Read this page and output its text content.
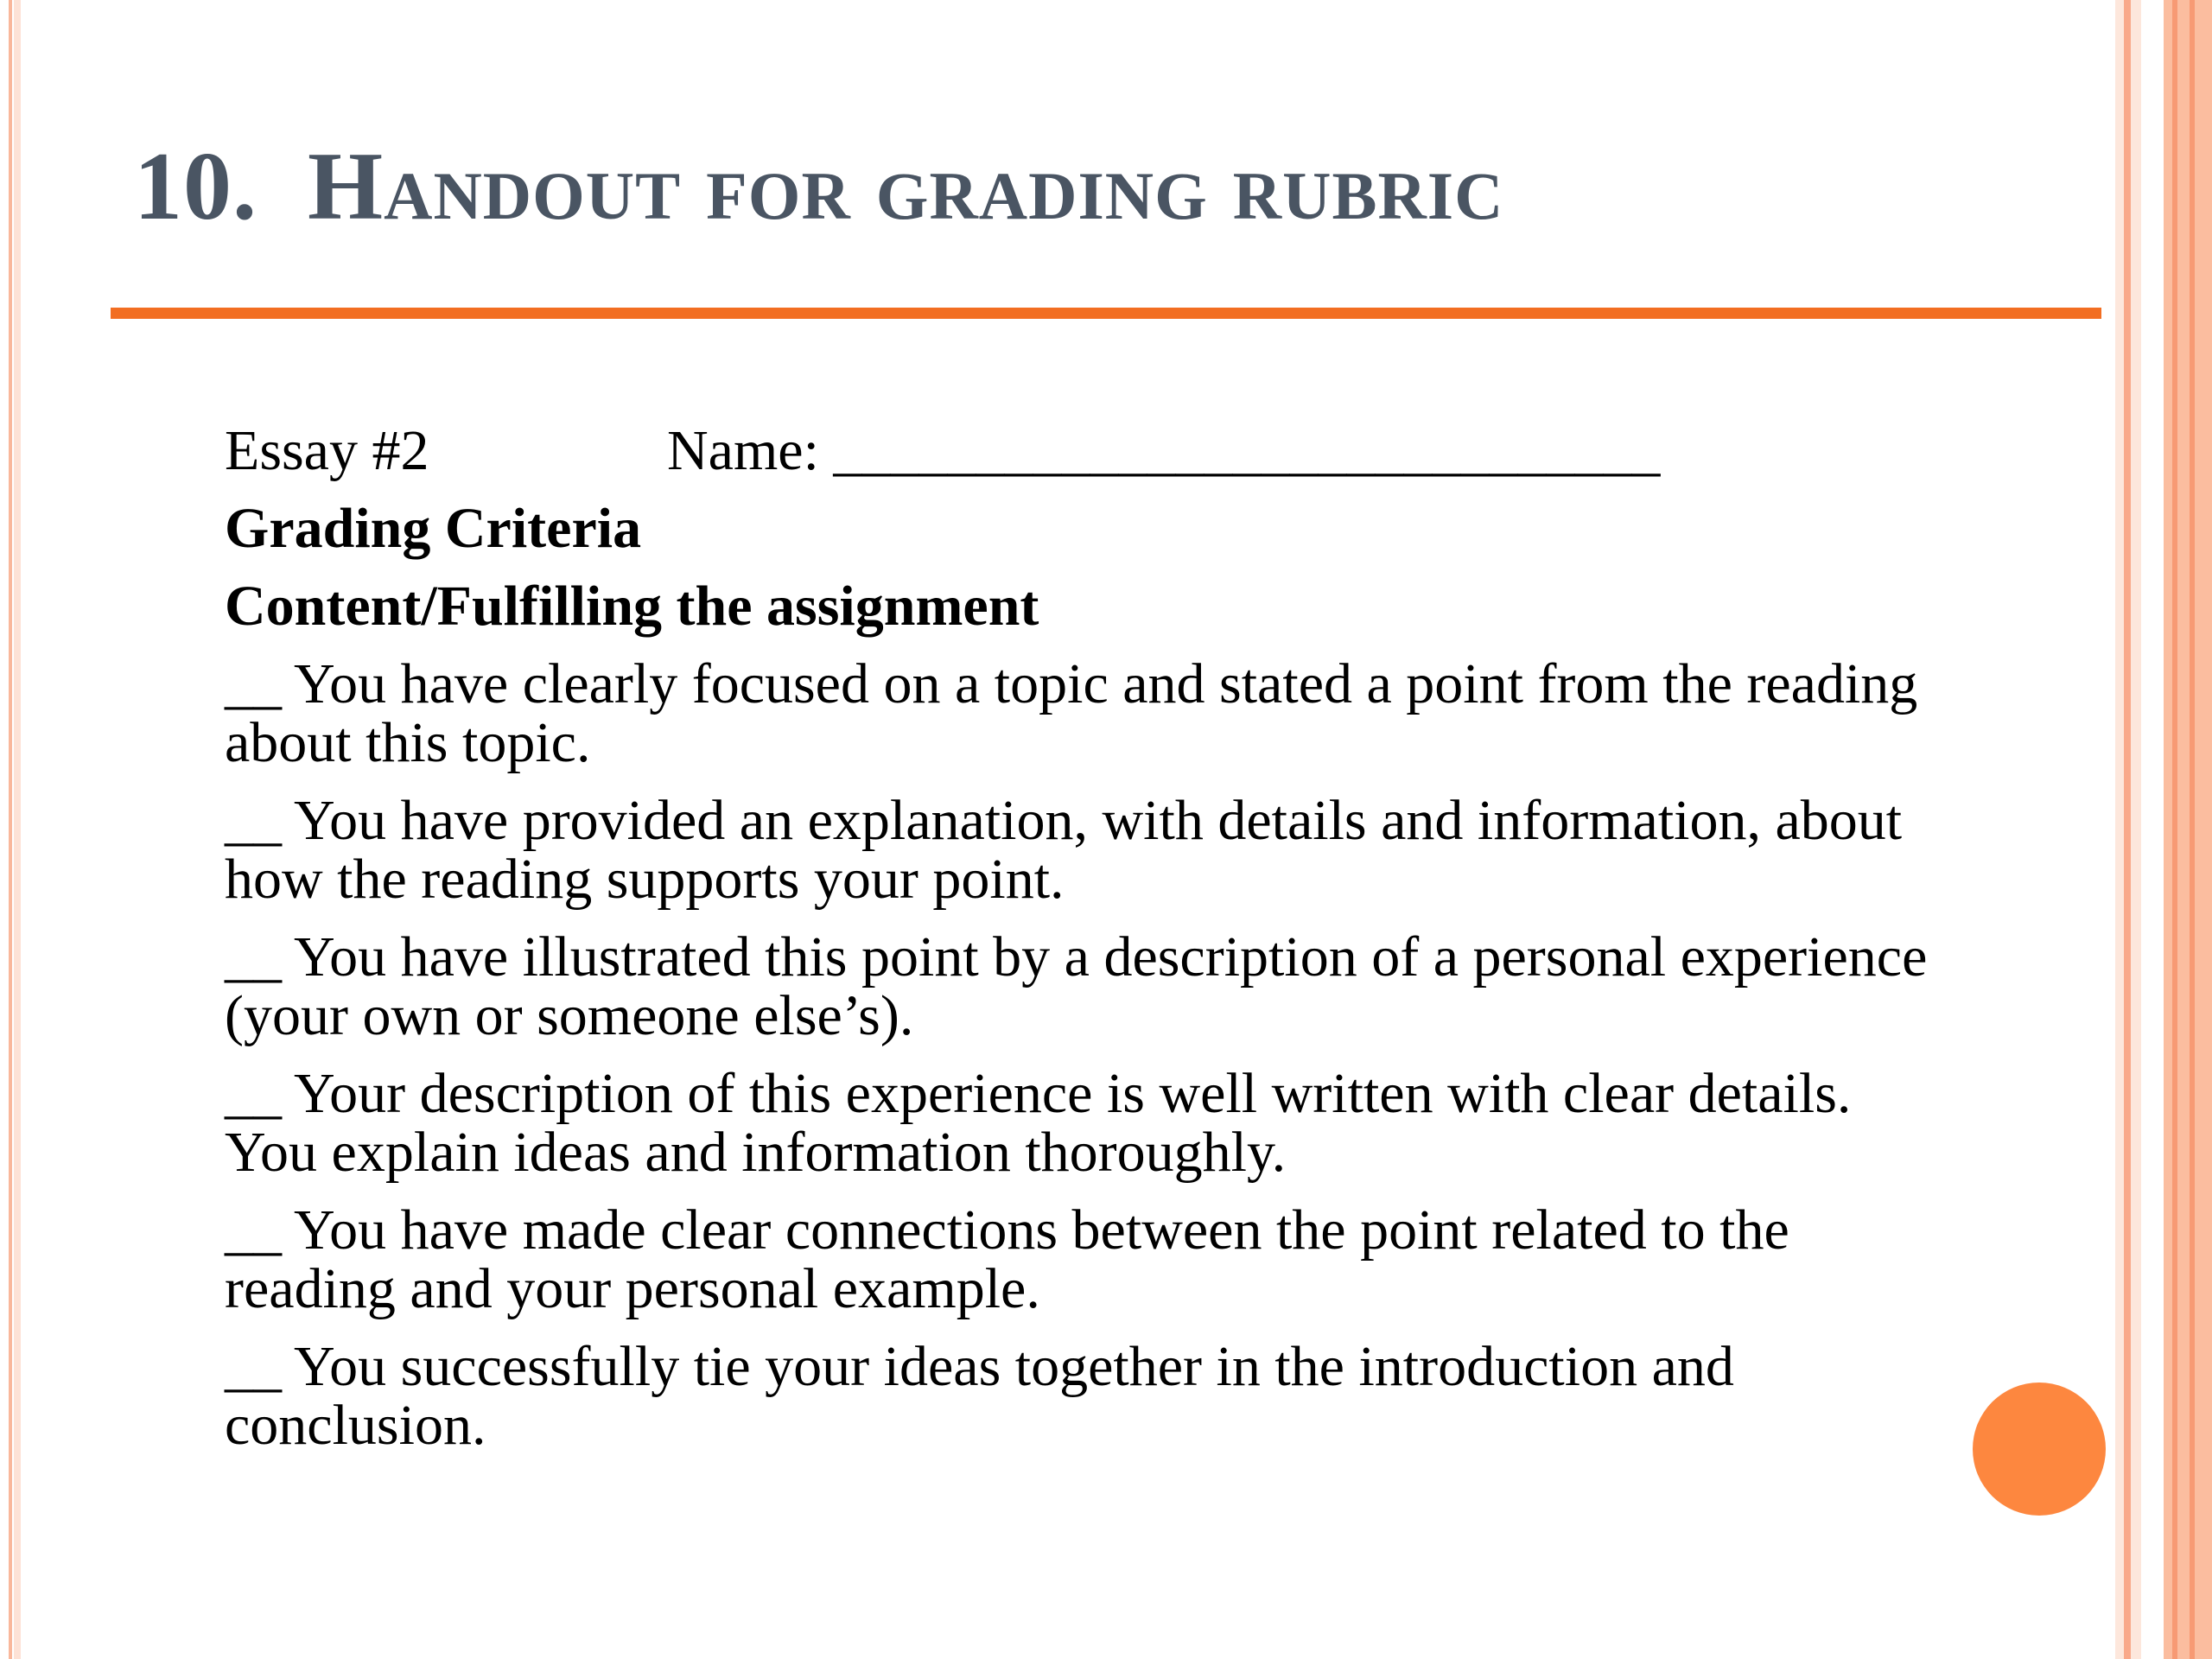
10. Handout for grading rubric
Essay #2	Name: _____________________________
Grading Criteria
Content/Fulfilling the assignment
__ You have clearly focused on a topic and stated a point from the reading about this topic.
__ You have provided an explanation, with details and information, about how the reading supports your point.
__ You have illustrated this point by a description of a personal experience (your own or someone else’s).
__ Your description of this experience is well written with clear details. You explain ideas and information thoroughly.
__ You have made clear connections between the point related to the reading and your personal example.
__ You successfully tie your ideas together in the introduction and conclusion.
